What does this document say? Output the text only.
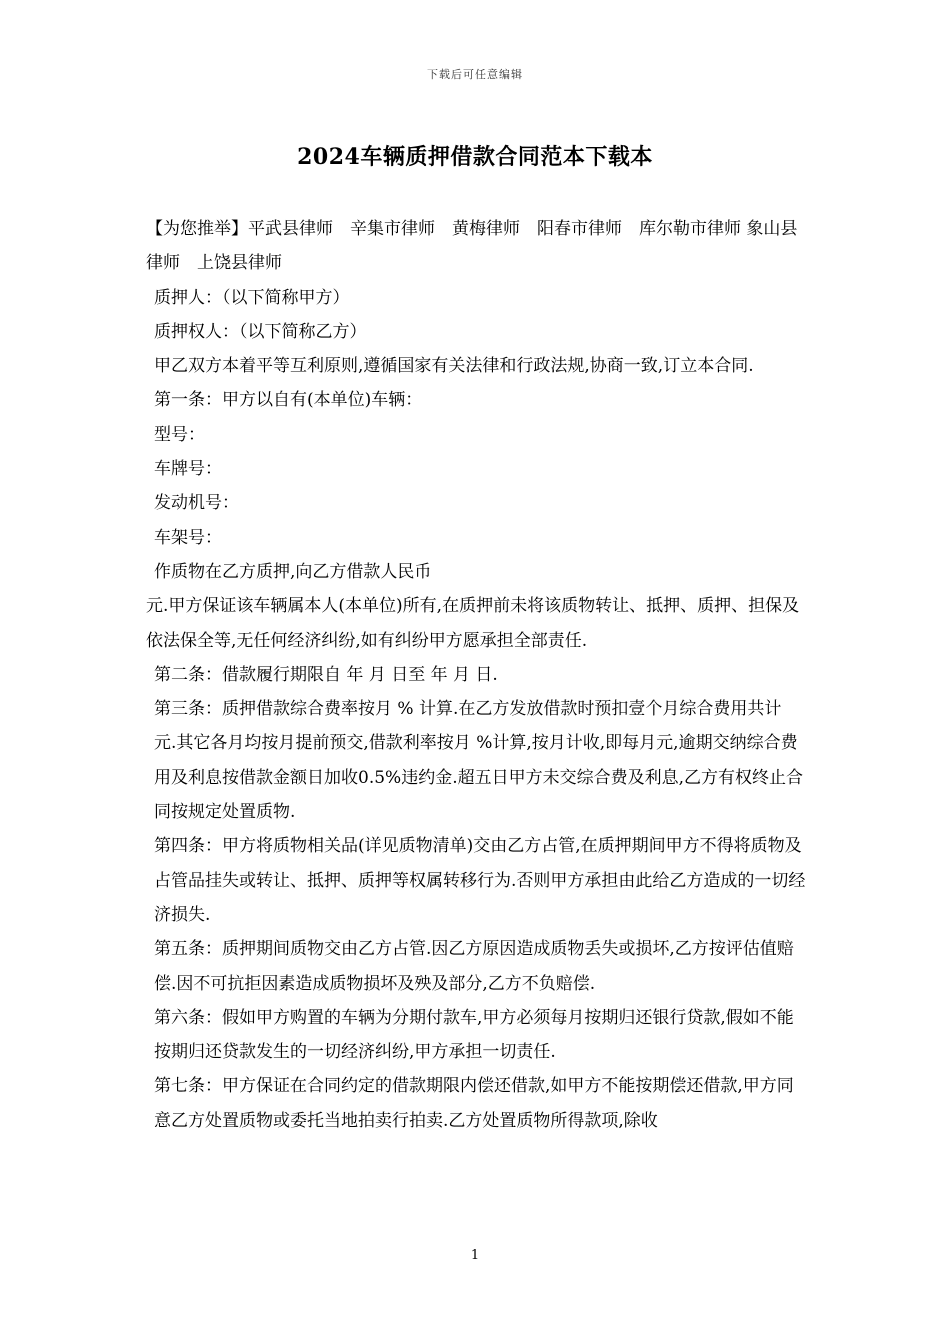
下载后可任意编辑
2024车辆质押借款合同范本下载本

【为您推举】平武县律师　辛集市律师　黄梅律师　阳春市律师　库尔勒市律师 象山县律师　上饶县律师

质押人：（以下简称甲方）

质押权人：（以下简称乙方）

甲乙双方本着平等互利原则,遵循国家有关法律和行政法规,协商一致,订立本合同.

第一条：甲方以自有(本单位)车辆：

型号：

车牌号：

发动机号：

车架号：

作质物在乙方质押,向乙方借款人民币

元.甲方保证该车辆属本人(本单位)所有,在质押前未将该质物转让、抵押、质押、担保及依法保全等,无任何经济纠纷,如有纠纷甲方愿承担全部责任.

第二条：借款履行期限自 年 月 日至 年 月 日.

第三条：质押借款综合费率按月 % 计算.在乙方发放借款时预扣壹个月综合费用共计 元.其它各月均按月提前预交,借款利率按月 %计算,按月计收,即每月元,逾期交纳综合费用及利息按借款金额日加收0.5%违约金.超五日甲方未交综合费及利息,乙方有权终止合同按规定处置质物.

第四条：甲方将质物相关品(详见质物清单)交由乙方占管,在质押期间甲方不得将质物及占管品挂失或转让、抵押、质押等权属转移行为.否则甲方承担由此给乙方造成的一切经济损失.

第五条：质押期间质物交由乙方占管.因乙方原因造成质物丢失或损坏,乙方按评估值赔偿.因不可抗拒因素造成质物损坏及殃及部分,乙方不负赔偿.

第六条：假如甲方购置的车辆为分期付款车,甲方必须每月按期归还银行贷款,假如不能按期归还贷款发生的一切经济纠纷,甲方承担一切责任.

第七条：甲方保证在合同约定的借款期限内偿还借款,如甲方不能按期偿还借款,甲方同意乙方处置质物或委托当地拍卖行拍卖.乙方处置质物所得款项,除收

1
